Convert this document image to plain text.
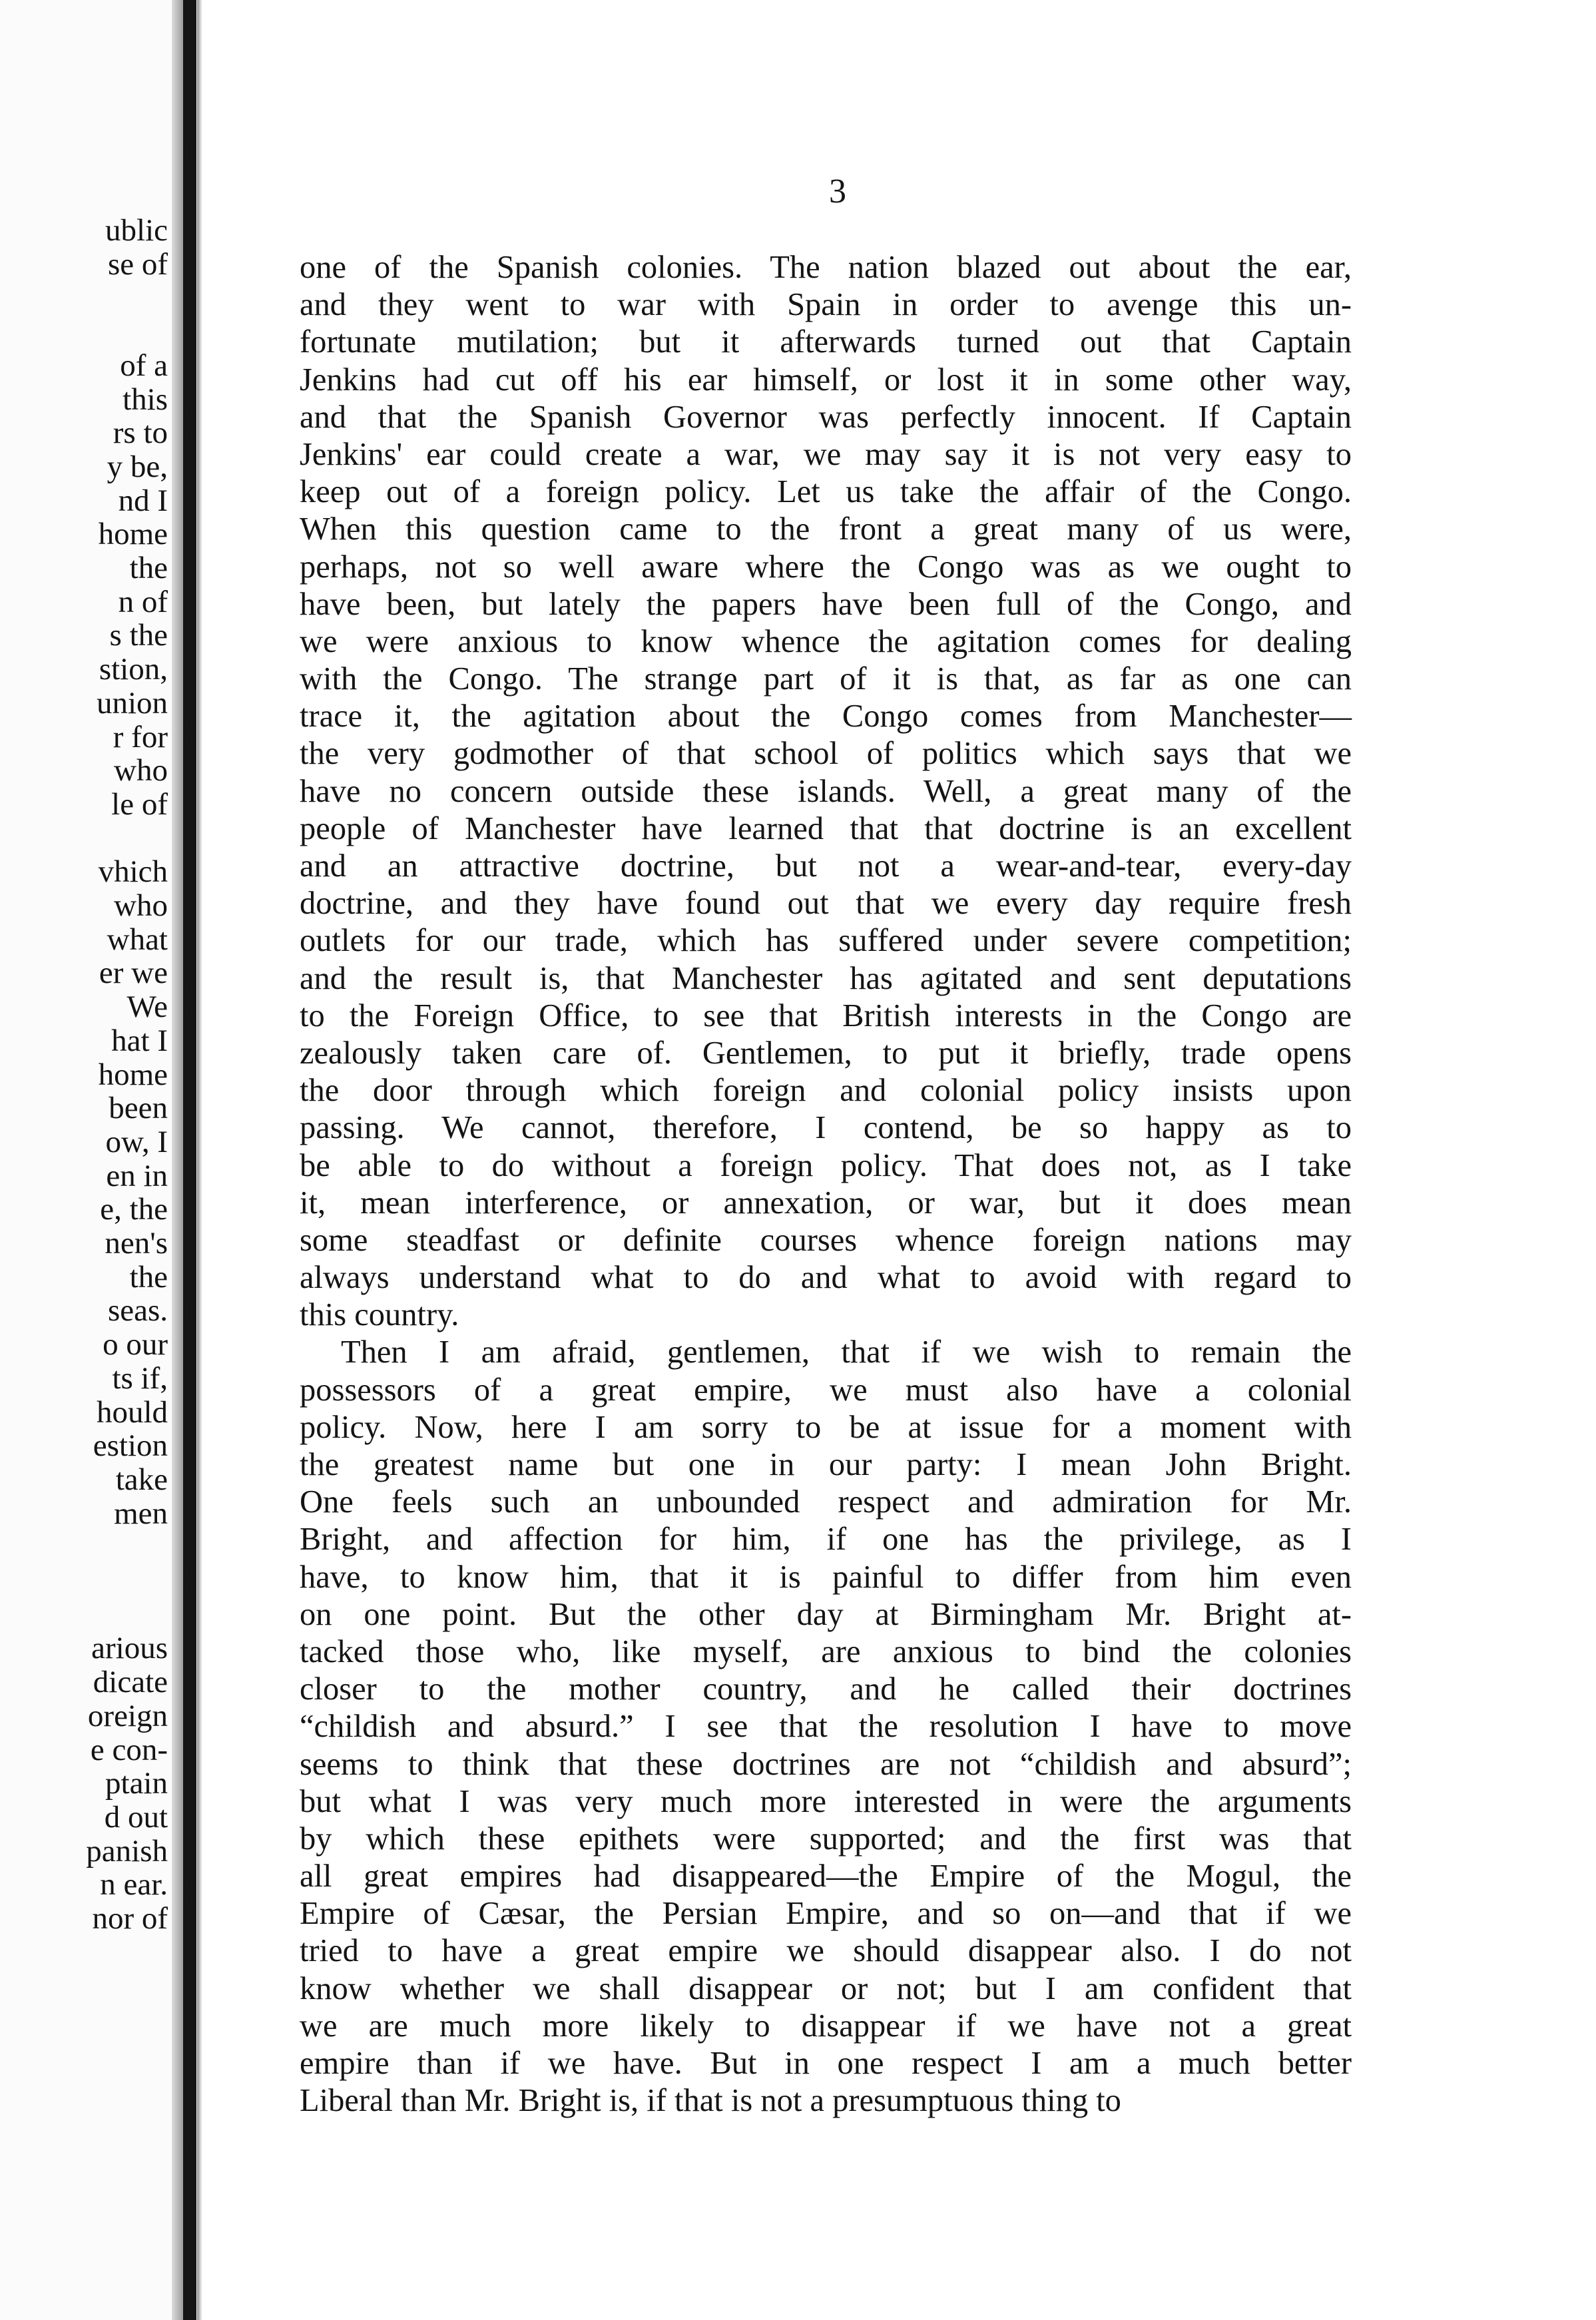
ublic
se of
of a
this
rs to
y be,
nd I
home
the
n of
s the
stion,
union
r for
who
le of
vhich
who
what
er we
We
hat I
home
been
ow, I
en in
e, the
nen's
the
seas.
o our
ts if,
hould
estion
take
men
arious
dicate
oreign
e con-
ptain
d out
panish
n ear.
nor of
3
one of the Spanish colonies. The nation blazed out about the ear,
and they went to war with Spain in order to avenge this un-
fortunate mutilation; but it afterwards turned out that Captain
Jenkins had cut off his ear himself, or lost it in some other way,
and that the Spanish Governor was perfectly innocent. If Captain
Jenkins' ear could create a war, we may say it is not very easy to
keep out of a foreign policy. Let us take the affair of the Congo.
When this question came to the front a great many of us were,
perhaps, not so well aware where the Congo was as we ought to
have been, but lately the papers have been full of the Congo, and
we were anxious to know whence the agitation comes for dealing
with the Congo. The strange part of it is that, as far as one can
trace it, the agitation about the Congo comes from Manchester—
the very godmother of that school of politics which says that we
have no concern outside these islands. Well, a great many of the
people of Manchester have learned that that doctrine is an excellent
and an attractive doctrine, but not a wear-and-tear, every-day
doctrine, and they have found out that we every day require fresh
outlets for our trade, which has suffered under severe competition;
and the result is, that Manchester has agitated and sent deputations
to the Foreign Office, to see that British interests in the Congo are
zealously taken care of. Gentlemen, to put it briefly, trade opens
the door through which foreign and colonial policy insists upon
passing. We cannot, therefore, I contend, be so happy as to
be able to do without a foreign policy. That does not, as I take
it, mean interference, or annexation, or war, but it does mean
some steadfast or definite courses whence foreign nations may
always understand what to do and what to avoid with regard to
this country.
Then I am afraid, gentlemen, that if we wish to remain the
possessors of a great empire, we must also have a colonial
policy. Now, here I am sorry to be at issue for a moment with
the greatest name but one in our party: I mean John Bright.
One feels such an unbounded respect and admiration for Mr.
Bright, and affection for him, if one has the privilege, as I
have, to know him, that it is painful to differ from him even
on one point. But the other day at Birmingham Mr. Bright at-
tacked those who, like myself, are anxious to bind the colonies
closer to the mother country, and he called their doctrines
“childish and absurd.” I see that the resolution I have to move
seems to think that these doctrines are not “childish and absurd”;
but what I was very much more interested in were the arguments
by which these epithets were supported; and the first was that
all great empires had disappeared—the Empire of the Mogul, the
Empire of Cæsar, the Persian Empire, and so on—and that if we
tried to have a great empire we should disappear also. I do not
know whether we shall disappear or not; but I am confident that
we are much more likely to disappear if we have not a great
empire than if we have. But in one respect I am a much better
Liberal than Mr. Bright is, if that is not a presumptuous thing to
